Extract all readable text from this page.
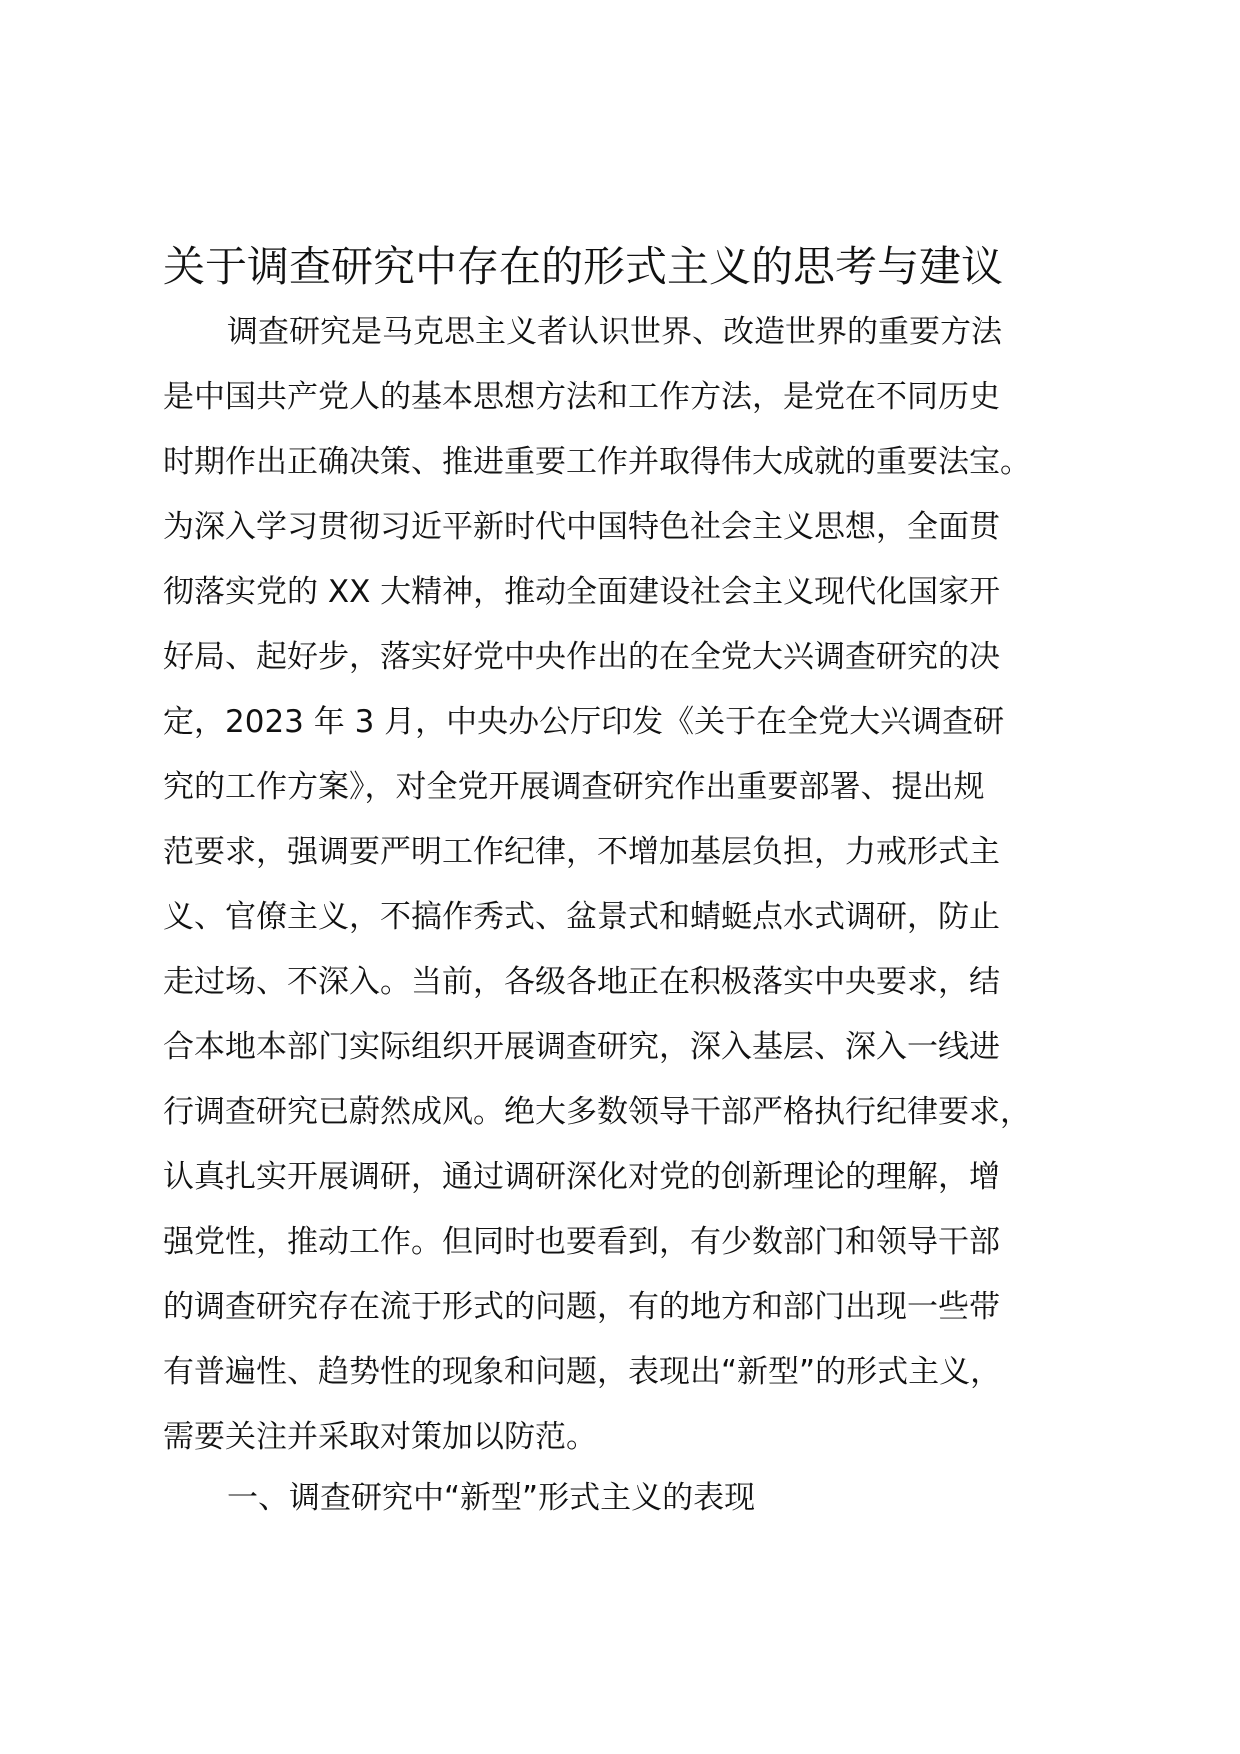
关于调查研究中存在的形式主义的思考与建议
调查研究是马克思主义者认识世界、改造世界的重要方法
是中国共产党人的基本思想方法和工作方法，是党在不同历史
时期作出正确决策、推进重要工作并取得伟大成就的重要法宝。
为深入学习贯彻习近平新时代中国特色社会主义思想，全面贯
彻落实党的 XX 大精神，推动全面建设社会主义现代化国家开
好局、起好步，落实好党中央作出的在全党大兴调查研究的决
定，2023 年 3 月，中央办公厅印发《关于在全党大兴调查研
究的工作方案》，对全党开展调查研究作出重要部署、提出规
范要求，强调要严明工作纪律，不增加基层负担，力戒形式主
义、官僚主义，不搞作秀式、盆景式和蜻蜓点水式调研，防止
走过场、不深入。当前，各级各地正在积极落实中央要求，结
合本地本部门实际组织开展调查研究，深入基层、深入一线进
行调查研究已蔚然成风。绝大多数领导干部严格执行纪律要求，
认真扎实开展调研，通过调研深化对党的创新理论的理解，增
强党性，推动工作。但同时也要看到，有少数部门和领导干部
的调查研究存在流于形式的问题，有的地方和部门出现一些带
有普遍性、趋势性的现象和问题，表现出“新型”的形式主义，
需要关注并采取对策加以防范。
一、调查研究中“新型”形式主义的表现
